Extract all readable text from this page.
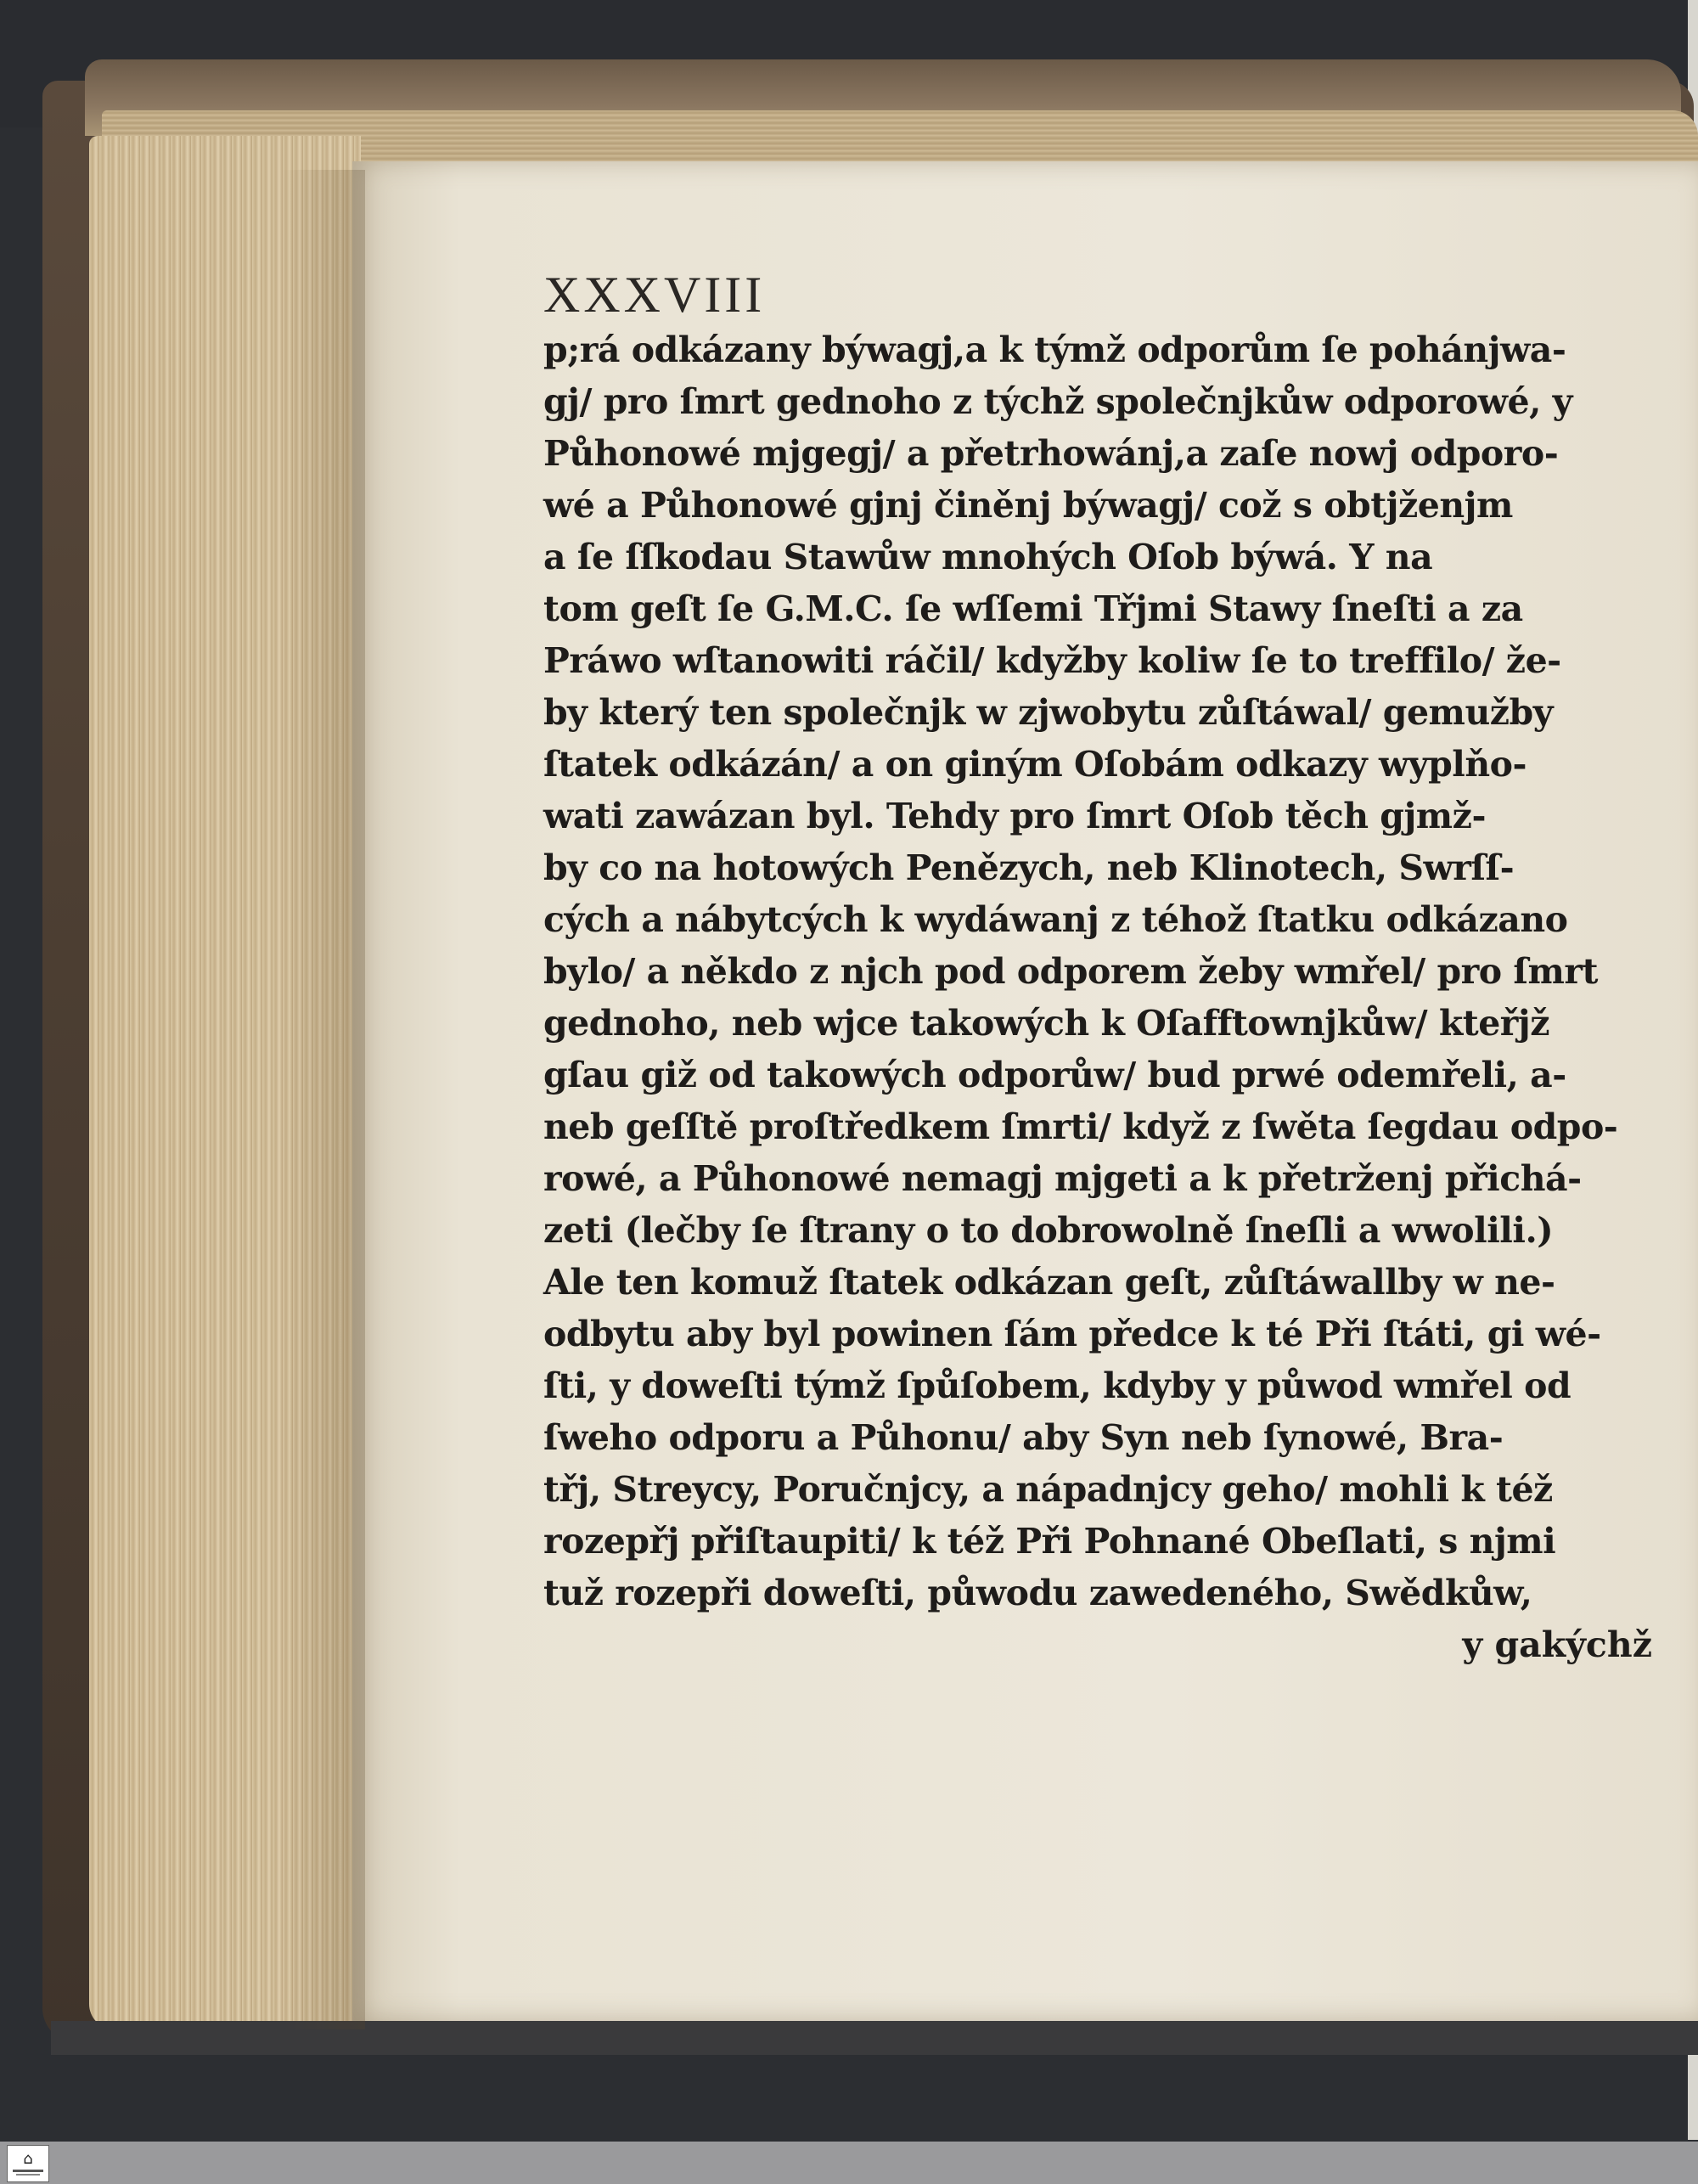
XXXVIII
p;rá odkázany býwagj,a k týmž odporům ſe pohánjwa-
gj/ pro ſmrt gednoho z týchž společnjkůw odporowé, y
Půhonowé mjgegj/ a přetrhowánj,a zaſe nowj odporo-
wé a Půhonowé gjnj činěnj býwagj/ což s obtjženjm
a ſe ſſkodau Stawůw mnohých Oſob býwá. Y na
tom geſt ſe G.M.C. ſe wſſemi Třjmi Stawy ſneſti a za
Práwo wſtanowiti ráčil/ kdyžby koliw ſe to treffilo/ že-
by který ten společnjk w zjwobytu zůſtáwal/ gemužby
ſtatek odkázán/ a on giným Oſobám odkazy wyplňo-
wati zawázan byl. Tehdy pro ſmrt Oſob těch gjmž-
by co na hotowých Penězych, neb Klinotech, Swrſſ-
cých a nábytcých k wydáwanj z téhož ſtatku odkázano
bylo/ a někdo z njch pod odporem žeby wmřel/ pro ſmrt
gednoho, neb wjce takowých k Oſafftownjkůw/ kteřjž
gſau giž od takowých odporůw/ bud prwé odemřeli, a-
neb geſſtě proſtředkem ſmrti/ když z ſwěta ſegdau odpo-
rowé, a Půhonowé nemagj mjgeti a k přetrženj přichá-
zeti (lečby ſe ſtrany o to dobrowolně ſneſli a wwolili.)
Ale ten komuž ſtatek odkázan geſt, zůſtáwallby w ne-
odbytu aby byl powinen ſám předce k té Při ſtáti, gi wé-
ſti, y doweſti týmž ſpůſobem, kdyby y půwod wmřel od
ſweho odporu a Půhonu/ aby Syn neb ſynowé, Bra-
třj, Streycy, Poručnjcy, a nápadnjcy geho/ mohli k též
rozepřj přiſtaupiti/ k též Při Pohnané Obeſlati, s njmi
tuž rozepři doweſti, půwodu zawedeného, Swědkůw,
y gakýchž
⌂
